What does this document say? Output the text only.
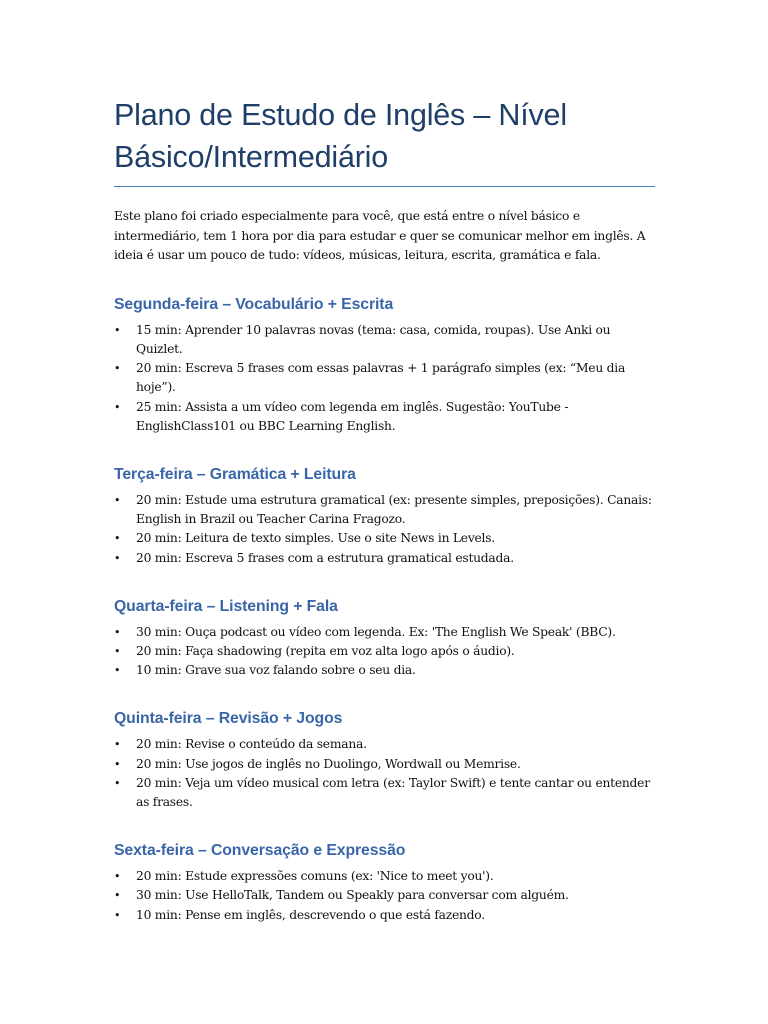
Plano de Estudo de Inglês – Nível
Básico/Intermediário

Este plano foi criado especialmente para você, que está entre o nível básico e intermediário, tem 1 hora por dia para estudar e quer se comunicar melhor em inglês. A ideia é usar um pouco de tudo: vídeos, músicas, leitura, escrita, gramática e fala.

Segunda-feira – Vocabulário + Escrita
• 15 min: Aprender 10 palavras novas (tema: casa, comida, roupas). Use Anki ou Quizlet.
• 20 min: Escreva 5 frases com essas palavras + 1 parágrafo simples (ex: “Meu dia hoje”).
• 25 min: Assista a um vídeo com legenda em inglês. Sugestão: YouTube - EnglishClass101 ou BBC Learning English.
Terça-feira – Gramática + Leitura
• 20 min: Estude uma estrutura gramatical (ex: presente simples, preposições). Canais: English in Brazil ou Teacher Carina Fragozo.
• 20 min: Leitura de texto simples. Use o site News in Levels.
• 20 min: Escreva 5 frases com a estrutura gramatical estudada.
Quarta-feira – Listening + Fala
• 30 min: Ouça podcast ou vídeo com legenda. Ex: 'The English We Speak' (BBC).
• 20 min: Faça shadowing (repita em voz alta logo após o áudio).
• 10 min: Grave sua voz falando sobre o seu dia.
Quinta-feira – Revisão + Jogos
• 20 min: Revise o conteúdo da semana.
• 20 min: Use jogos de inglês no Duolingo, Wordwall ou Memrise.
• 20 min: Veja um vídeo musical com letra (ex: Taylor Swift) e tente cantar ou entender as frases.
Sexta-feira – Conversação e Expressão
• 20 min: Estude expressões comuns (ex: 'Nice to meet you').
• 30 min: Use HelloTalk, Tandem ou Speakly para conversar com alguém.
• 10 min: Pense em inglês, descrevendo o que está fazendo.
